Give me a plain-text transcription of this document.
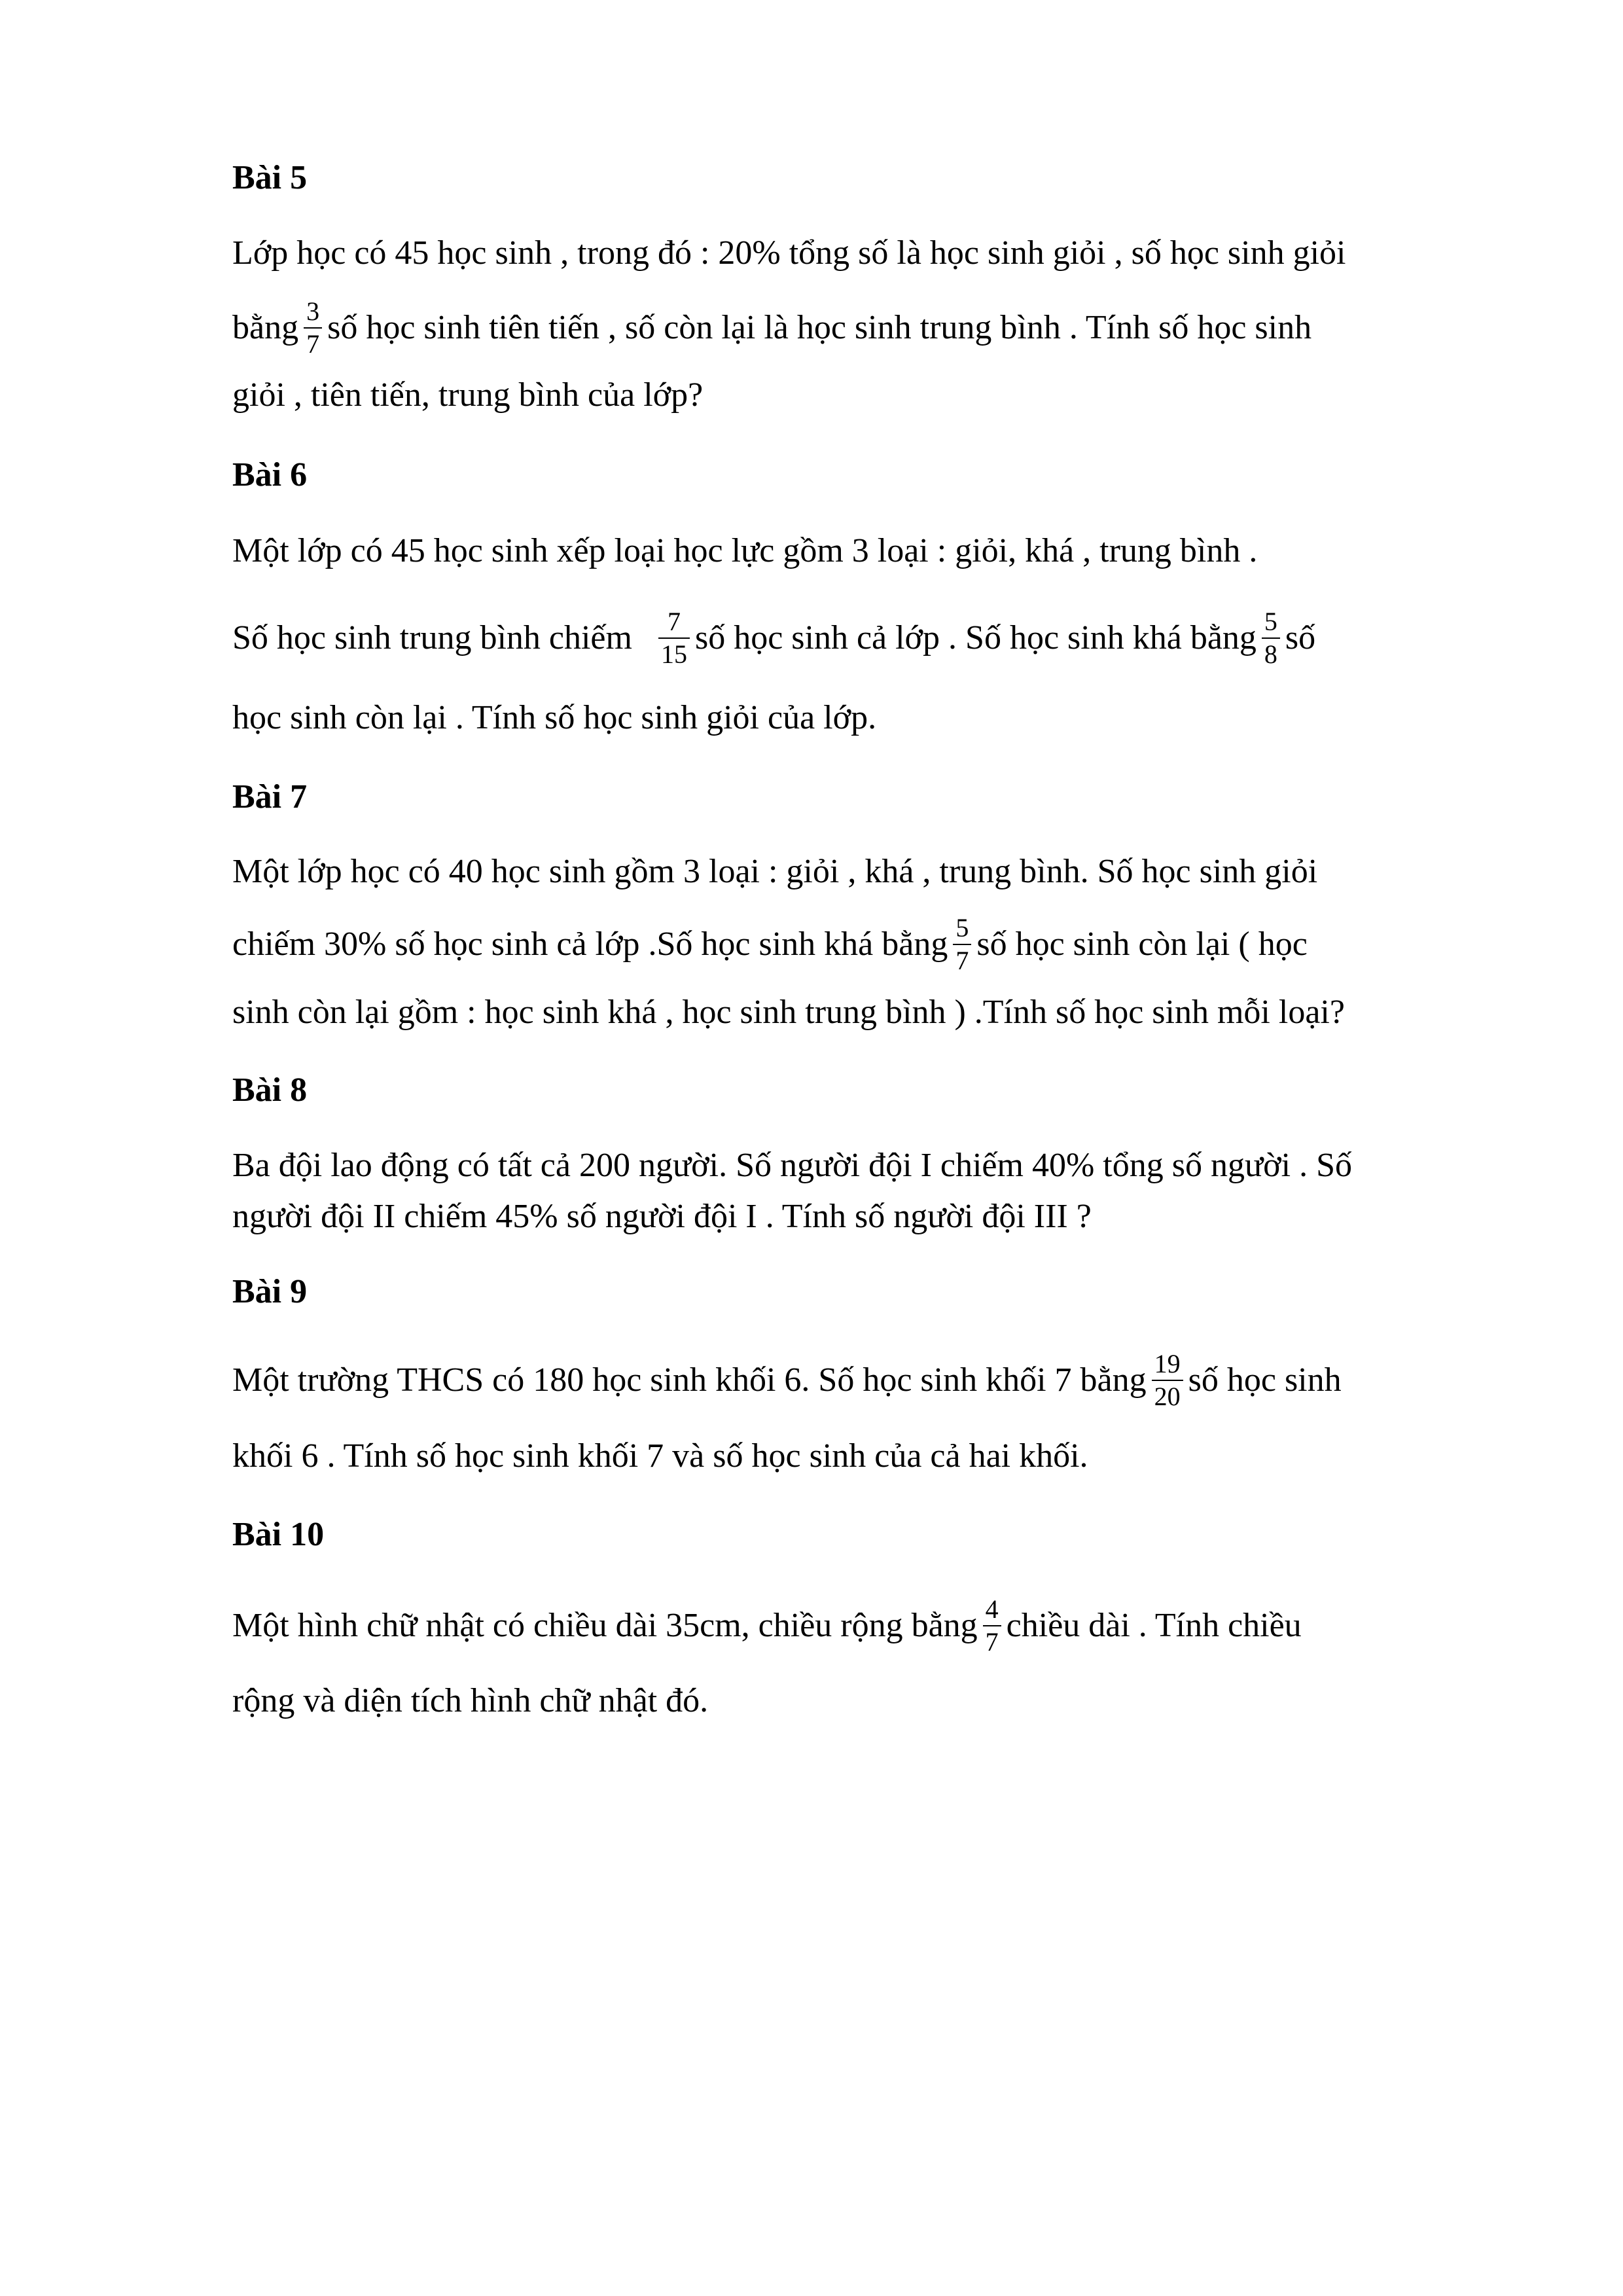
Bài 5
Lớp học có 45 học sinh , trong đó : 20% tổng số là học sinh giỏi , số học sinh giỏi
bằng $\frac{3}{7}$ số học sinh tiên tiến , số còn lại là học sinh trung bình . Tính số học sinh
giỏi , tiên tiến, trung bình của lớp?
Bài 6
Một lớp có 45 học sinh xếp loại học lực gồm 3 loại : giỏi, khá , trung bình .
Số học sinh trung bình chiếm $\frac{7}{15}$ số học sinh cả lớp . Số học sinh khá bằng $\frac{5}{8}$ số
học sinh còn lại . Tính số học sinh giỏi của lớp.
Bài 7
Một lớp học có 40 học sinh gồm 3 loại : giỏi , khá , trung bình. Số học sinh giỏi
chiếm 30% số học sinh cả lớp .Số học sinh khá bằng $\frac{5}{7}$ số học sinh còn lại ( học
sinh còn lại gồm : học sinh khá , học sinh trung bình ) .Tính số học sinh mỗi loại?
Bài 8
Ba đội lao động có tất cả 200 người. Số người đội I chiếm 40% tổng số người . Số
người đội II chiếm 45% số người đội I . Tính số người đội III ?
Bài 9
Một trường THCS có 180 học sinh khối 6. Số học sinh khối 7 bằng $\frac{19}{20}$ số học sinh
khối 6 . Tính số học sinh khối 7 và số học sinh của cả hai khối.
Bài 10
Một hình chữ nhật có chiều dài 35cm, chiều rộng bằng $\frac{4}{7}$ chiều dài . Tính chiều
rộng và diện tích hình chữ nhật đó.
